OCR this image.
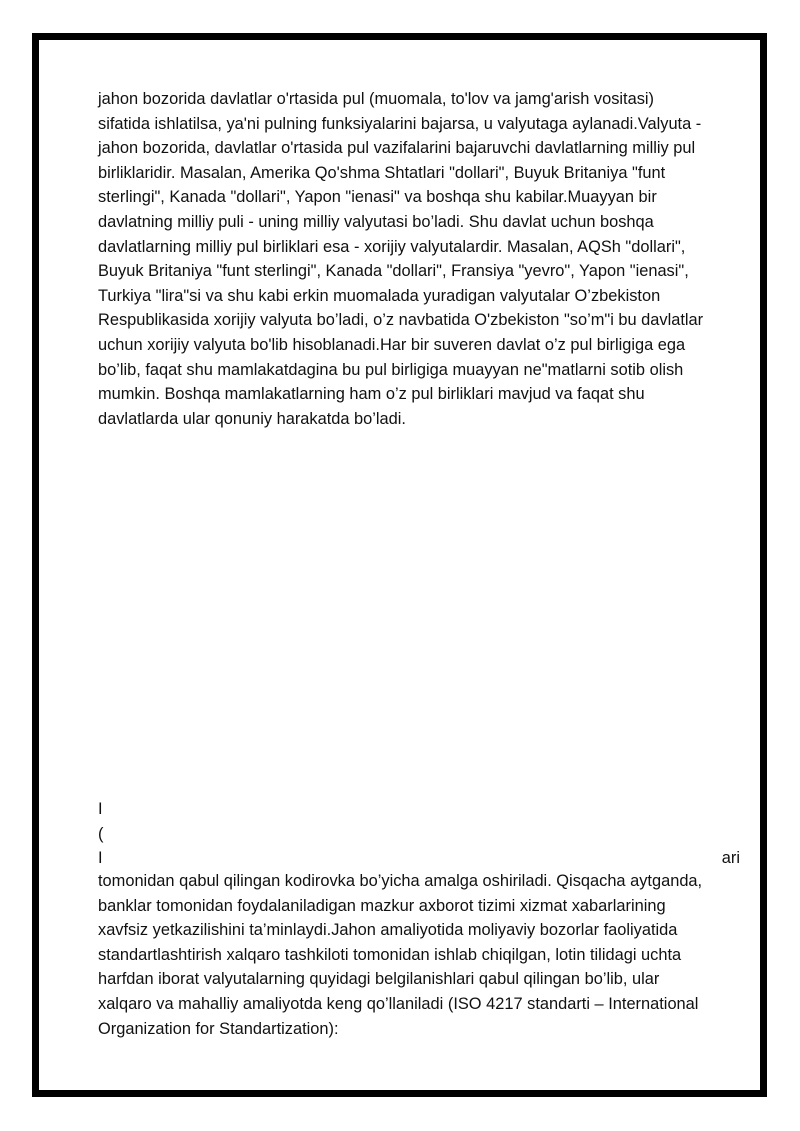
jahon bozorida davlatlar o'rtasida pul (muomala, to'lov va jamg'arish vositasi)
sifatida ishlatilsa, ya'ni pulning funksiyalarini bajarsa, u valyutaga aylanadi.Valyuta -
jahon bozorida, davlatlar o'rtasida pul vazifalarini bajaruvchi davlatlarning milliy pul
birliklaridir. Masalan, Amerika Qo'shma Shtatlari "dollari", Buyuk Britaniya "funt
sterlingi", Kanada "dollari", Yapon "ienasi" va boshqa shu kabilar.Muayyan bir
davlatning milliy puli - uning milliy valyutasi bo’ladi. Shu davlat uchun boshqa
davlatlarning milliy pul birliklari esa - xorijiy valyutalardir. Masalan, AQSh "dollari",
Buyuk Britaniya "funt sterlingi", Kanada "dollari", Fransiya "yevro", Yapon "ienasi",
Turkiya "lira"si va shu kabi erkin muomalada yuradigan valyutalar O’zbekiston
Respublikasida xorijiy valyuta bo’ladi, o’z navbatida O'zbekiston "so’m"i bu davlatlar
uchun xorijiy valyuta bo'lib hisoblanadi.Har bir suveren davlat o’z pul birligiga ega
bo’lib, faqat shu mamlakatdagina bu pul birligiga muayyan ne"matlarni sotib olish
mumkin. Boshqa mamlakatlarning ham o’z pul birliklari mavjud va faqat shu
davlatlarda ular qonuniy harakatda bo’ladi.
I
(
I	ari
tomonidan qabul qilingan kodirovka bo’yicha amalga oshiriladi. Qisqacha aytganda,
banklar tomonidan foydalaniladigan mazkur axborot tizimi xizmat xabarlarining
xavfsiz yetkazilishini ta’minlaydi.Jahon amaliyotida moliyaviy bozorlar faoliyatida
standartlashtirish xalqaro tashkiloti tomonidan ishlab chiqilgan, lotin tilidagi uchta
harfdan iborat valyutalarning quyidagi belgilanishlari qabul qilingan bo’lib, ular
xalqaro va mahalliy amaliyotda keng qo’llaniladi (ISO 4217 standarti – International
Organization for Standartization):
